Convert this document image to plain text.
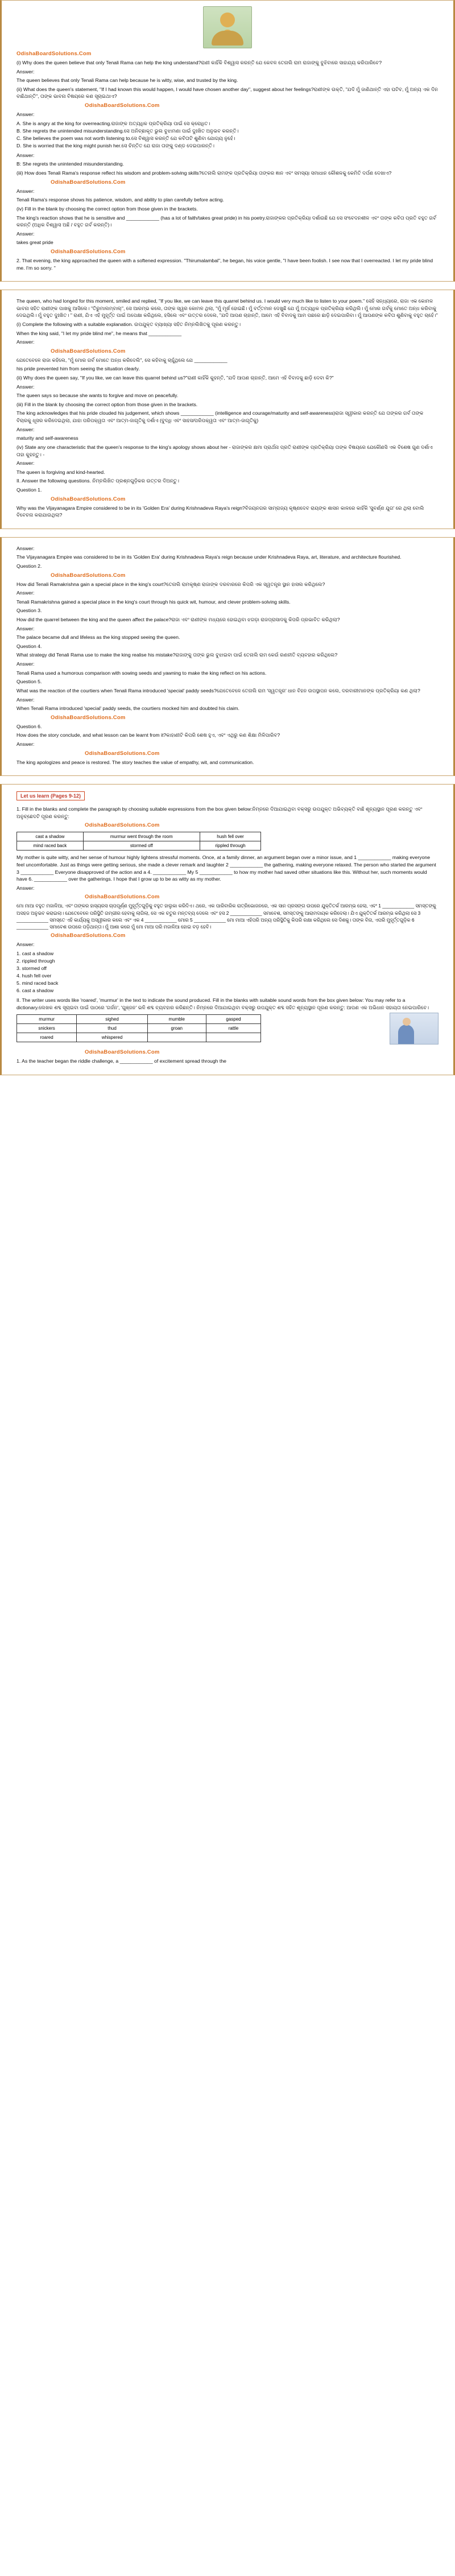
OdishaBoardSolutions.Com

(i) Why does the queen believe that only Tenali Rama can help the king understand?ରାଣୀ କାହିଁକି ବିଶ୍ୱାସ କରନ୍ତି ଯେ କେବଳ ତେନାଲି ରାମ ରାଜାଙ୍କୁ ବୁଝିବାରେ ସାହାଯ୍ୟ କରିପାରିବେ?

Answer:

The queen believes that only Tenali Rama can help because he is witty, wise, and trusted by the king.

(ii) What does the queen's statement, "If I had known this would happen, I would have chosen another day", suggest about her feelings?ରାଣୀଙ୍କ ଉକ୍ତି, "ଯଦି ମୁଁ ଜାଣିଥାନ୍ତି ଏହା ଘଟିବ, ମୁଁ ଅନ୍ୟ ଏକ ଦିନ ବାଛିଥାନ୍ତି", ତାଙ୍କ ଭାବନା ବିଷୟରେ କଣ ସୂଚାଇଥାଏ?

OdishaBoardSolutions.Com

Answer:

A. She is angry at the king for overreacting.ରାଜାଙ୍କ ଅତ୍ୟଧିକ ପ୍ରତିକ୍ରିୟା ପାଇଁ ସେ କ୍ରୋଧିତ।
B. She regrets the unintended misunderstanding.ସେ ଅନିଚ୍ଛାକୃତ ଭୁଲ ବୁଝାମଣା ପାଇଁ ଦୁଃଖିତ ଅନୁଭବ କରନ୍ତି।
C. She believes the poem was not worth listening to.ସେ ବିଶ୍ୱାସ କରନ୍ତି ଯେ କବିତାଟି ଶୁଣିବା ଯୋଗ୍ୟ ନୁହେଁ।
D. She is worried that the king might punish her.ସେ ଚିନ୍ତିତ ଯେ ରାଜା ତାଙ୍କୁ ଦଣ୍ଡ ଦେଇପାରନ୍ତି।

Answer:

B: She regrets the unintended misunderstanding.

(iii) How does Tenali Rama's response reflect his wisdom and problem-solving skills?ତେନାଲି ରାମଙ୍କ ପ୍ରତିକ୍ରିୟା ତାଙ୍କର ଜ୍ଞାନ ଏବଂ ସମସ୍ୟା ସମାଧାନ କୌଶଳକୁ କେମିତି ଦର୍ପଣ ଦେଖାଏ?

OdishaBoardSolutions.Com

Answer:

Tenali Rama's response shows his patience, wisdom, and ability to plan carefully before acting.

(iv) Fill in the blank by choosing the correct option from those given in the brackets.

The king's reaction shows that he is sensitive and ____________ (has a lot of faith/takes great pride) in his poetry.ରାଜାଙ୍କର ପ୍ରତିକ୍ରିୟା ଦର୍ଶାଉଛି ଯେ ସେ ସଂବେଦନଶୀଳ ଏବଂ ତାଙ୍କ କବିତା ପ୍ରତି ବହୁତ ଗର୍ବ କରନ୍ତି (ଅଧିକ ବିଶ୍ୱାସ ଅଛି / ବହୁତ ଗର୍ବ କରନ୍ତି)।

Answer:

takes great pride

OdishaBoardSolutions.Com

2. That evening, the king approached the queen with a softened expression. "Thirumalambal", he began, his voice gentle, "I have been foolish. I see now that I overreacted. I let my pride blind me. I'm so sorry. "

The queen, who had longed for this moment, smiled and replied, "If you like, we can leave this quarrel behind us. I would very much like to listen to your poem." ସେହି ସନ୍ଧ୍ୟାରେ, ରାଜା ଏକ କୋମଳ ଭାବନା ସହିତ ରାଣୀଙ୍କ ପାଖକୁ ଆସିଲେ। "ତିରୁମାଲମ୍ବାଲ୍", ସେ ଆରମ୍ଭ କଲେ, ତାଙ୍କ ସ୍ୱର କୋମଳ ଥିଲା, "ମୁଁ ମୂର୍ଖ ହୋଇଛି। ମୁଁ ବର୍ତ୍ତମାନ ଦେଖୁଛି ଯେ ମୁଁ ଅତ୍ୟଧିକ ପ୍ରତିକ୍ରିୟା କରିଥିଲି। ମୁଁ ମୋର ଗର୍ବକୁ ମୋତେ ଅନ୍ଧ କରିବାକୁ ଦେଇଥିଲି। ମୁଁ ବହୁତ ଦୁଃଖିତ। " ରାଣୀ, ଯିଏ ଏହି ମୁହୂର୍ତ୍ତ ପାଇଁ ଅପେକ୍ଷା କରିଥିଲେ, ହସିଲେ ଏବଂ ଉତ୍ତର ଦେଲେ, "ଯଦି ଆପଣ ଚାହାନ୍ତି, ଆମେ ଏହି ବିବାଦକୁ ଆମ ପଛରେ ଛାଡ଼ି ଦେଇପାରିବା। ମୁଁ ଆପଣଙ୍କ କବିତା ଶୁଣିବାକୁ ବହୁତ ଚାହେଁ।"

(i) Complete the following with a suitable explanation. ଉପଯୁକ୍ତ ବ୍ୟାଖ୍ୟା ସହିତ ନିମ୍ନଲିଖିତକୁ ପୂରଣ କରନ୍ତୁ।

When the king said, "I let my pride blind me", he means that ____________

Answer:

OdishaBoardSolutions.Com

ଯେତେବେଳେ ରାଜା କହିଲେ, "ମୁଁ ମୋର ଗର୍ବ ମୋତେ ଅନ୍ଧ କରିଦେଲି", ସେ କହିବାକୁ ଚାହୁଁଥିଲେ ଯେ ____________

his pride prevented him from seeing the situation clearly.

(ii) Why does the queen say, "If you like, we can leave this quarrel behind us?"ରାଣୀ କାହିଁକି କୁହନ୍ତି, "ଯଦି ଆପଣ ଚାହାନ୍ତି, ଆମେ ଏହି ବିବାଦକୁ ଛାଡ଼ି ଦେବା କି?"

Answer:

The queen says so because she wants to forgive and move on peacefully.

(iii) Fill in the blank by choosing the correct option from those given in the brackets.

The king acknowledges that his pride clouded his judgement, which shows ____________ (intelligence and courage/maturity and self-awareness)ରାଜା ସ୍ୱୀକାର କରନ୍ତି ଯେ ତାଙ୍କର ଗର୍ବ ତାଙ୍କ ବିଚାରକୁ ଧୂସର କରିଦେଇଥିଲା, ଯାହା ପରିପକ୍ୱତା ଏବଂ ଆତ୍ମ-ଜାଗୃତିକୁ ଦର୍ଶାଏ (ବୁଦ୍ଧି ଏବଂ ସାହସ/ପରିପକ୍ୱତା ଏବଂ ଆତ୍ମ-ଜାଗୃତିକୁ)

Answer:

maturity and self-awareness

(iv) State any one characteristic that the queen's response to the king's apology shows about her - ରାଜାଙ୍କର କ୍ଷମା ପ୍ରାର୍ଥନା ପ୍ରତି ରାଣୀଙ୍କ ପ୍ରତିକ୍ରିୟା ତାଙ୍କ ବିଷୟରେ ଯେକୌଣସି ଏକ ବିଶେଷ ଗୁଣ ଦର୍ଶାଏ ତାହା କୁହନ୍ତୁ। -

Answer:

The queen is forgiving and kind-hearted.

II. Answer the following questions. ନିମ୍ନଲିଖିତ ପ୍ରଶ୍ନଗୁଡ଼ିକର ଉତ୍ତର ଦିଅନ୍ତୁ।

Question 1.

OdishaBoardSolutions.Com

Why was the Vijayanagara Empire considered to be in its 'Golden Era' during Krishnadeva Raya's reign?ବିଜୟନଗର ସାମ୍ରାଜ୍ୟ କୃଷ୍ଣଦେବ ରାୟଙ୍କ ଶାସନ କାଳରେ କାହିଁକି 'ସୁବର୍ଣ୍ଣ ଯୁଗ' ରେ ଥିଲା ବୋଲି ବିବେଚନା କରାଯାଉଥିଲା?

Answer:

The Vijayanagara Empire was considered to be in its 'Golden Era' during Krishnadeva Raya's reign because under Krishnadeva Raya, art, literature, and architecture flourished.

Question 2.

OdishaBoardSolutions.Com

How did Tenali Ramakrishna gain a special place in the king's court?ତେନାଲି ରାମକୃଷ୍ଣ ରାଜାଙ୍କ ଦରବାରରେ କିପରି ଏକ ସ୍ୱତନ୍ତ୍ର ସ୍ଥାନ ହାସଲ କରିଥିଲେ?

Answer:

Tenali Ramakrishna gained a special place in the king's court through his quick wit, humour, and clever problem-solving skills.

Question 3.

How did the quarrel between the king and the queen affect the palace?ରାଜା ଏବଂ ରାଣୀଙ୍କ ମଧ୍ୟରେ ହୋଇଥିବା ଝଗଡ଼ା ରାଜପ୍ରାସାଦକୁ କିପରି ପ୍ରଭାବିତ କରିଥିଲା?

Answer:

The palace became dull and lifeless as the king stopped seeing the queen.

Question 4.

What strategy did Tenali Rama use to make the king realise his mistake?ରାଜାଙ୍କୁ ତାଙ୍କ ଭୁଲ ବୁଝାଇବା ପାଇଁ ତେନାଲି ରାମ କେଉଁ ରଣନୀତି ବ୍ୟବହାର କରିଥିଲେ?

Answer:

Tenali Rama used a humorous comparison with sowing seeds and yawning to make the king reflect on his actions.

Question 5.

What was the reaction of the courtiers when Tenali Rama introduced 'special' paddy seeds?ଯେତେବେଳେ ତେନାଲି ରାମ 'ସ୍ୱତନ୍ତ୍ର' ଧାନ ବିହନ ଉପସ୍ଥାପନ କଲେ, ଦରବାରୀମାନଙ୍କ ପ୍ରତିକ୍ରିୟା କଣ ଥିଲା?

Answer:

When Tenali Rama introduced 'special' paddy seeds, the courtiers mocked him and doubted his claim.

OdishaBoardSolutions.Com

Question 6.

How does the story conclude, and what lesson can be learnt from it?କାହାଣୀଟି କିପରି ଶେଷ ହୁଏ, ଏବଂ ଏଥିରୁ କଣ ଶିକ୍ଷା ମିଳିପାରିବ?

Answer:

OdishaBoardSolutions.Com

The king apologizes and peace is restored. The story teaches the value of empathy, wit, and communication.

Let us learn (Pages 9-12)

1. Fill in the blanks and complete the paragraph by choosing suitable expressions from the box given below:ନିମ୍ନରେ ଦିଆଯାଇଥିବା ବକ୍ସରୁ ଉପଯୁକ୍ତ ଅଭିବ୍ୟକ୍ତି ବାଛି ଶୂନ୍ୟସ୍ଥାନ ପୂରଣ କରନ୍ତୁ ଏବଂ ଅନୁଚ୍ଛେଦଟି ପୂରଣ କରନ୍ତୁ:

OdishaBoardSolutions.Com
cast a shadow	murmur went through the room	hush fell over
mind raced back	stormed off	rippled through

My mother is quite witty, and her sense of humour highly lightens stressful moments. Once, at a family dinner, an argument began over a minor issue, and 1 ____________ making everyone feel uncomfortable. Just as things were getting serious, she made a clever remark and laughter 2 ____________ the gathering, making everyone relaxed. The person who started the argument 3 ____________ Everyone disapproved of the action and a 4. ____________ My 5 ____________ to how my mother had saved other situations like this. Without her, such moments would have 6. ____________ over the gatherings. I hope that I grow up to be as witty as my mother.

Answer:

OdishaBoardSolutions.Com

ମୋ ମାଆ ବହୁତ ମଜାଳିଆ, ଏବଂ ତାଙ୍କର ହାସ୍ୟରସ ଚାପପୂର୍ଣ୍ଣ ମୁହୂର୍ତ୍ତଗୁଡ଼ିକୁ ବହୁତ ହାଲୁକା କରିଦିଏ। ଥରେ, ଏକ ପାରିବାରିକ ରାତ୍ରିଭୋଜନରେ, ଏକ ସାନ ପ୍ରସଙ୍ଗ ଉପରେ ଯୁକ୍ତିତର୍କ ଆରମ୍ଭ ହେଲା, ଏବଂ 1 ____________ ସମସ୍ତଙ୍କୁ ଅସହଜ ଅନୁଭବ କରାଇଲା। ଯେତେବେଳେ ପରିସ୍ଥିତି ଗମ୍ଭୀର ହେବାକୁ ଲାଗିଲା, ସେ ଏକ ଚତୁର ମନ୍ତବ୍ୟ ଦେଲେ ଏବଂ ହସ 2 ____________ ସମାବେଶ, ସମସ୍ତଙ୍କୁ ଆରାମଦାୟକ କରିଦେଲା। ଯିଏ ଯୁକ୍ତିତର୍କ ଆରମ୍ଭ କରିଥିଲା ସେ 3 ____________ ସମସ୍ତେ ଏହି କାର୍ଯ୍ୟକୁ ଅସ୍ୱୀକାର କଲେ ଏବଂ ଏକ 4 ____________ ମୋର 5 ____________ ମୋ ମାଆ ଏହିପରି ଅନ୍ୟ ପରିସ୍ଥିତିକୁ କିପରି ରକ୍ଷା କରିଥିଲେ ସେ ଦିଶକୁ। ତାଙ୍କ ବିନା, ଏପରି ମୁହୂର୍ତ୍ତଗୁଡ଼ିକ 6 ____________ ସମାବେଶ ଉପରେ ପଡ଼ିଥାନ୍ତା। ମୁଁ ଆଶା କରେ ମୁଁ ମୋ ମାଆ ପରି ମଜାଳିଆ ହୋଇ ବଡ଼ ହେବି।

OdishaBoardSolutions.Com

Answer:

1. cast a shadow
2. rippled through
3. stormed off
4. hush fell over
5. mind raced back
6. cast a shadow

II. The writer uses words like 'roared', 'murmur' in the text to indicate the sound produced. Fill in the blanks with suitable sound words from the box given below: You may refer to a dictionary.ଲେଖକ ଶବ୍ଦ ସୂଚାଇବା ପାଇଁ ପାଠରେ 'ଗର୍ଜନ', 'ଗୁଞ୍ଜନ' ଭଳି ଶବ୍ଦ ବ୍ୟବହାର କରିଛନ୍ତି। ନିମ୍ନରେ ଦିଆଯାଇଥିବା ବକ୍ସରୁ ଉପଯୁକ୍ତ ଶବ୍ଦ ସହିତ ଶୂନ୍ୟସ୍ଥାନ ପୂରଣ କରନ୍ତୁ: ଆପଣ ଏକ ଅଭିଧାନ ସହାୟତା ନେଇପାରିବେ।

murmur	sighed	mumble	gasped
snickers	thud	groan	rattle
roared	whispered		
OdishaBoardSolutions.Com

1. As the teacher began the riddle challenge, a ____________ of excitement spread through the
